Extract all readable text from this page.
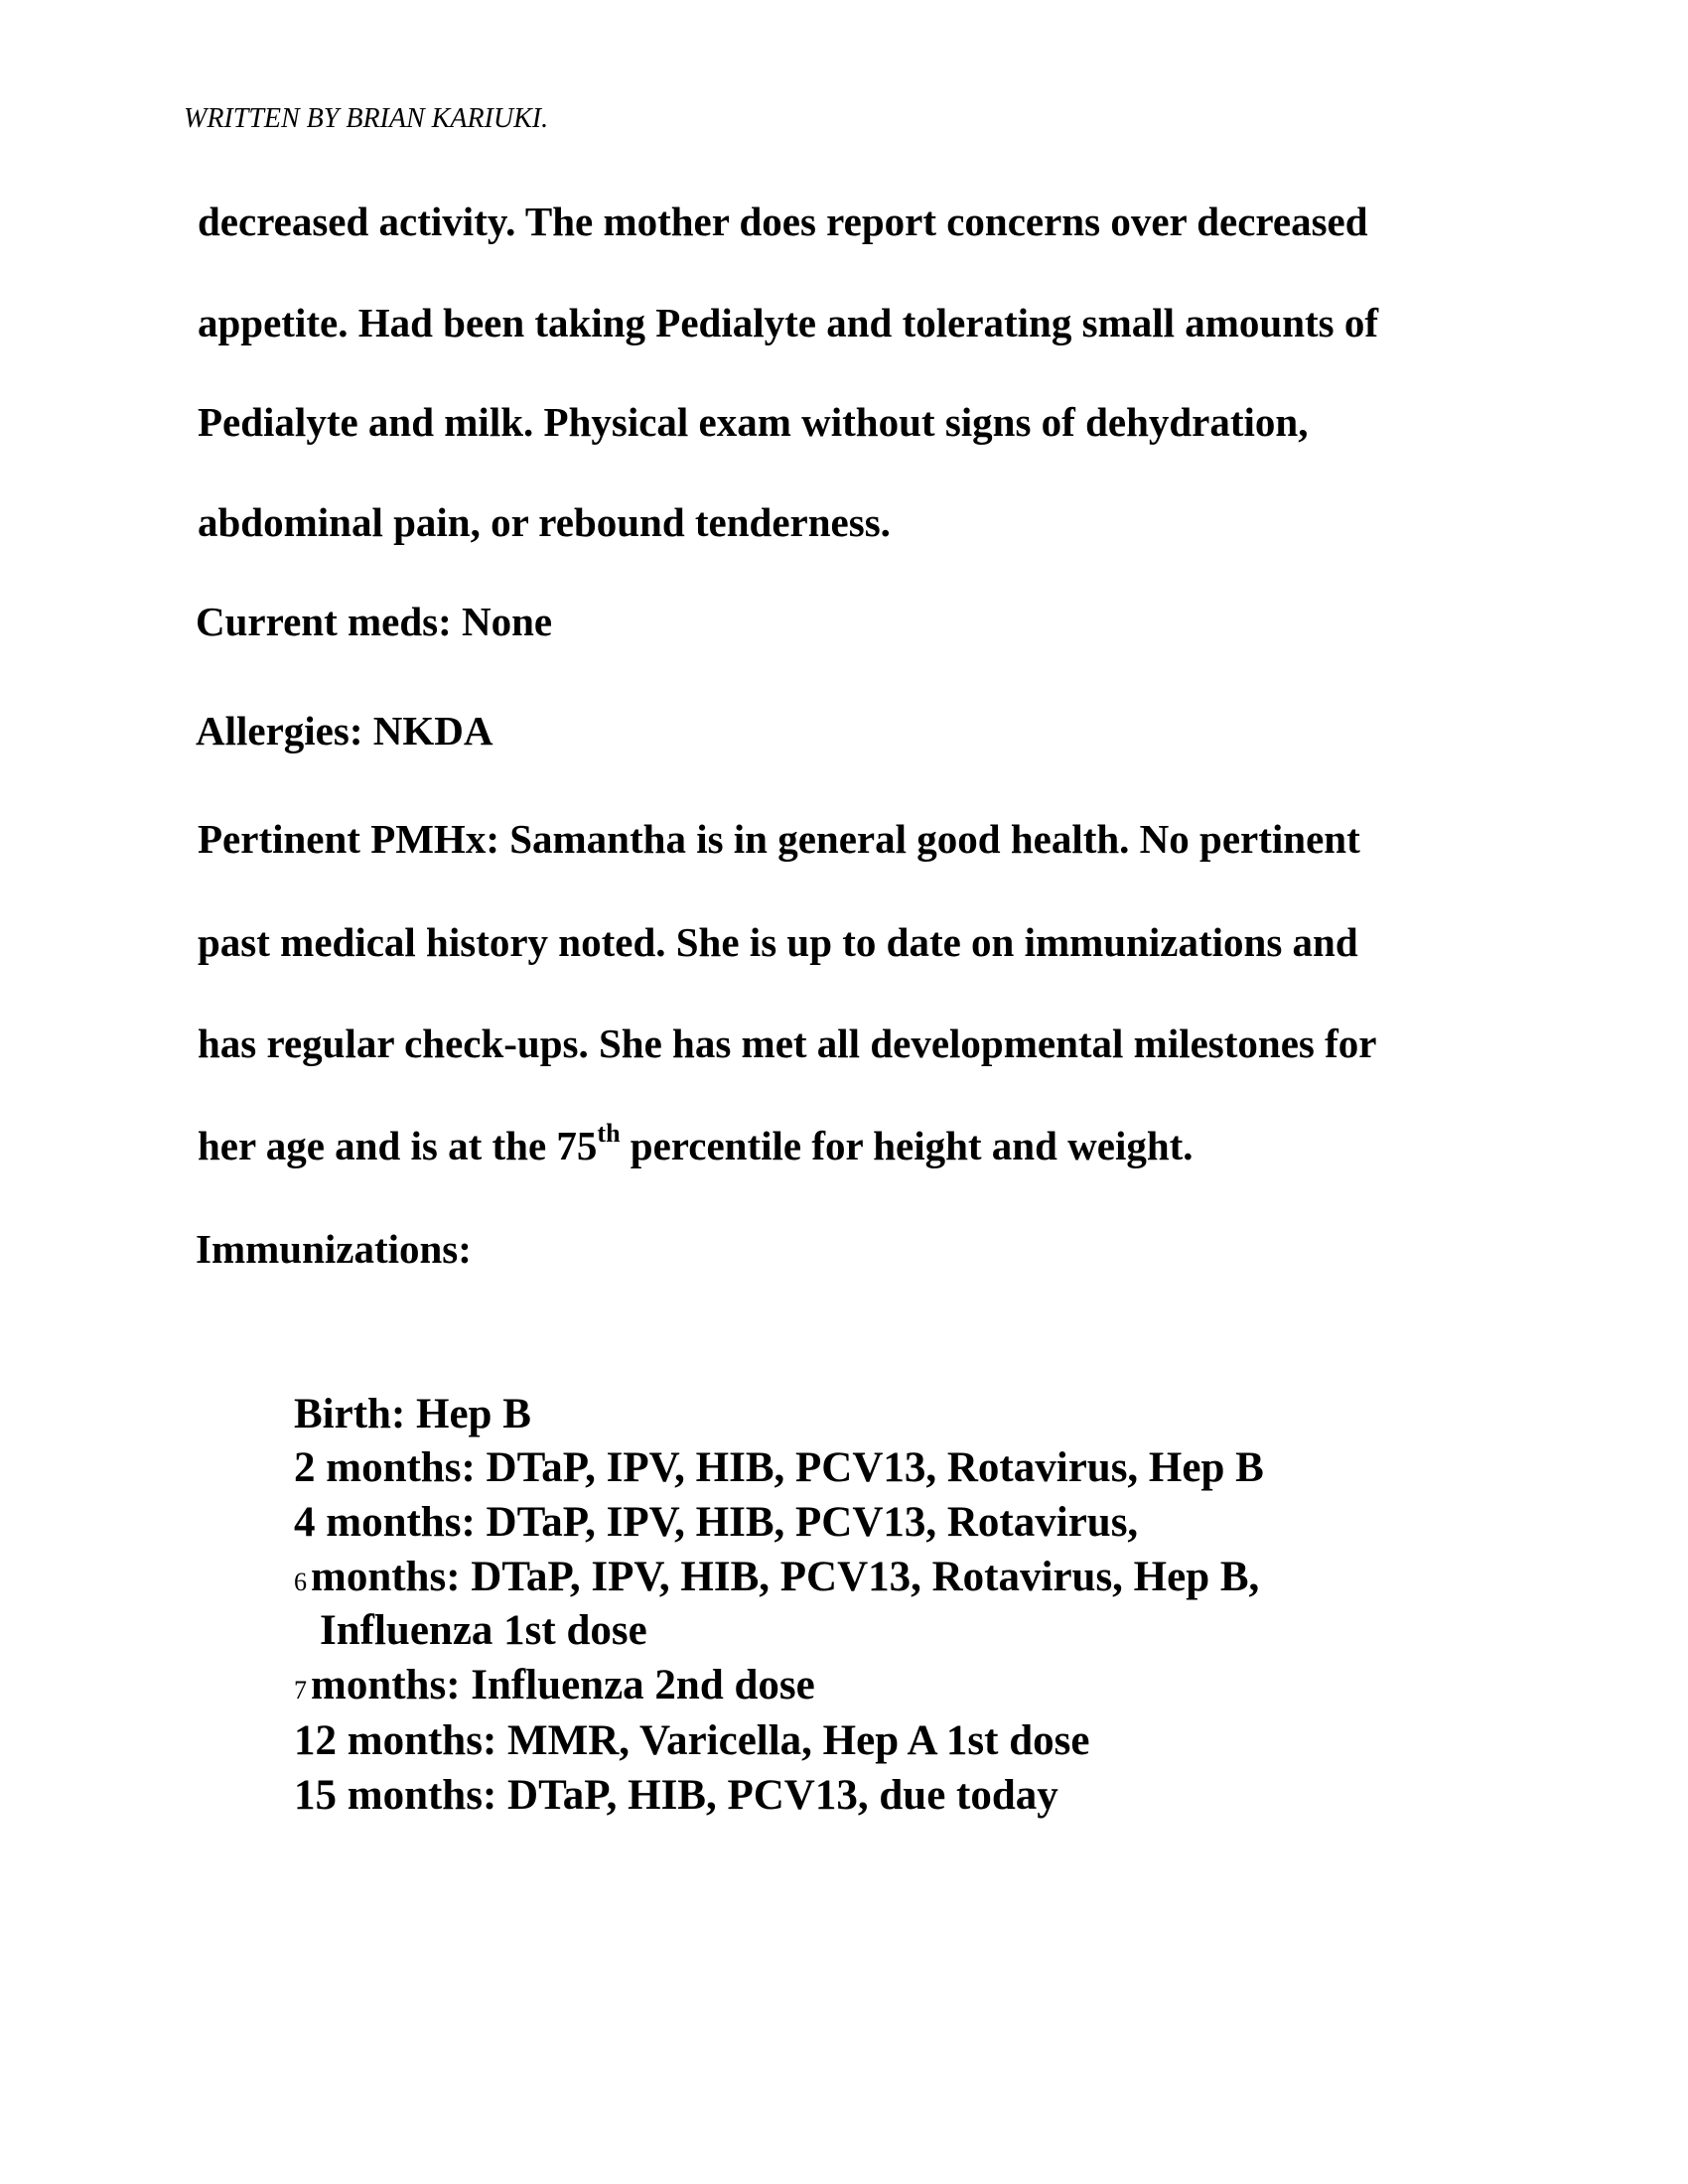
WRITTEN BY BRIAN KARIUKI.
decreased activity. The mother does report concerns over decreased
appetite. Had been taking Pedialyte and tolerating small amounts of
Pedialyte and milk. Physical exam without signs of dehydration,
abdominal pain, or rebound tenderness.
Current meds: None
Allergies: NKDA
Pertinent PMHx: Samantha is in general good health. No pertinent
past medical history noted. She is up to date on immunizations and
has regular check-ups. She has met all developmental milestones for
her age and is at the 75th percentile for height and weight.
Immunizations:
Birth: Hep B
2 months: DTaP, IPV, HIB, PCV13, Rotavirus, Hep B
4 months: DTaP, IPV, HIB, PCV13, Rotavirus,
6months: DTaP, IPV, HIB, PCV13, Rotavirus, Hep B,
Influenza 1st dose
7months: Influenza 2nd dose
12 months: MMR, Varicella, Hep A 1st dose
15 months: DTaP, HIB, PCV13, due today
